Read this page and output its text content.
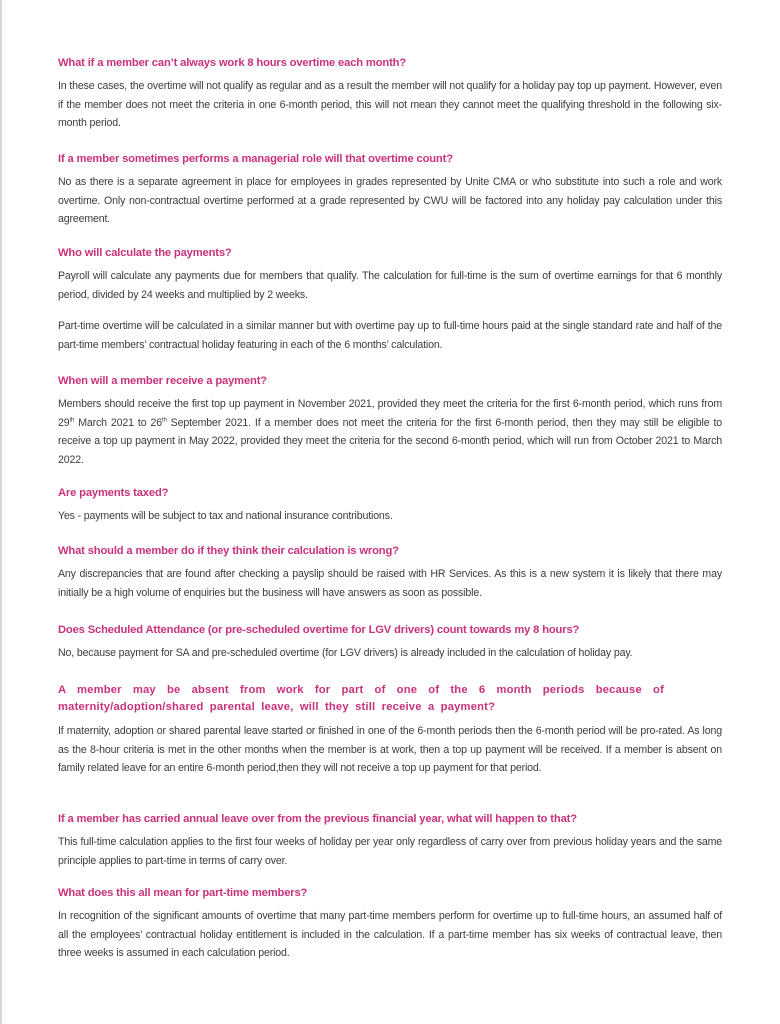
What if a member can’t always work 8 hours overtime each month?

In these cases, the overtime will not qualify as regular and as a result the member will not qualify for a holiday pay top up payment. However, even if the member does not meet the criteria in one 6-month period, this will not mean they cannot meet the qualifying threshold in the following six-month period.

If a member sometimes performs a managerial role will that overtime count?

No as there is a separate agreement in place for employees in grades represented by Unite CMA or who substitute into such a role and work overtime. Only non-contractual overtime performed at a grade represented by CWU will be factored into any holiday pay calculation under this agreement.

Who will calculate the payments?

Payroll will calculate any payments due for members that qualify. The calculation for full-time is the sum of overtime earnings for that 6 monthly period, divided by 24 weeks and multiplied by 2 weeks.

Part-time overtime will be calculated in a similar manner but with overtime pay up to full-time hours paid at the single standard rate and half of the part-time members’ contractual holiday featuring in each of the 6 months’ calculation.

When will a member receive a payment?

Members should receive the first top up payment in November 2021, provided they meet the criteria for the first 6-month period, which runs from 29th March 2021 to 26th September 2021. If a member does not meet the criteria for the first 6-month period, then they may still be eligible to receive a top up payment in May 2022, provided they meet the criteria for the second 6-month period, which will run from October 2021 to March 2022.

Are payments taxed?

Yes - payments will be subject to tax and national insurance contributions.

What should a member do if they think their calculation is wrong?

Any discrepancies that are found after checking a payslip should be raised with HR Services. As this is a new system it is likely that there may initially be a high volume of enquiries but the business will have answers as soon as possible.

Does Scheduled Attendance (or pre-scheduled overtime for LGV drivers) count towards my 8 hours?

No, because payment for SA and pre-scheduled overtime (for LGV drivers) is already included in the calculation of holiday pay.

A member may be absent from work for part of one of the 6 month periods because of maternity/adoption/shared parental leave, will they still receive a payment?

If maternity, adoption or shared parental leave started or finished in one of the 6-month periods then the 6-month period will be pro-rated. As long as the 8-hour criteria is met in the other months when the member is at work, then a top up payment will be received. If a member is absent on family related leave for an entire 6-month period,then they will not receive a top up payment for that period.

If a member has carried annual leave over from the previous financial year, what will happen to that?

This full-time calculation applies to the first four weeks of holiday per year only regardless of carry over from previous holiday years and the same principle applies to part-time in terms of carry over.

What does this all mean for part-time members?

In recognition of the significant amounts of overtime that many part-time members perform for overtime up to full-time hours, an assumed half of all the employees’ contractual holiday entitlement is included in the calculation. If a part-time member has six weeks of contractual leave, then three weeks is assumed in each calculation period.
